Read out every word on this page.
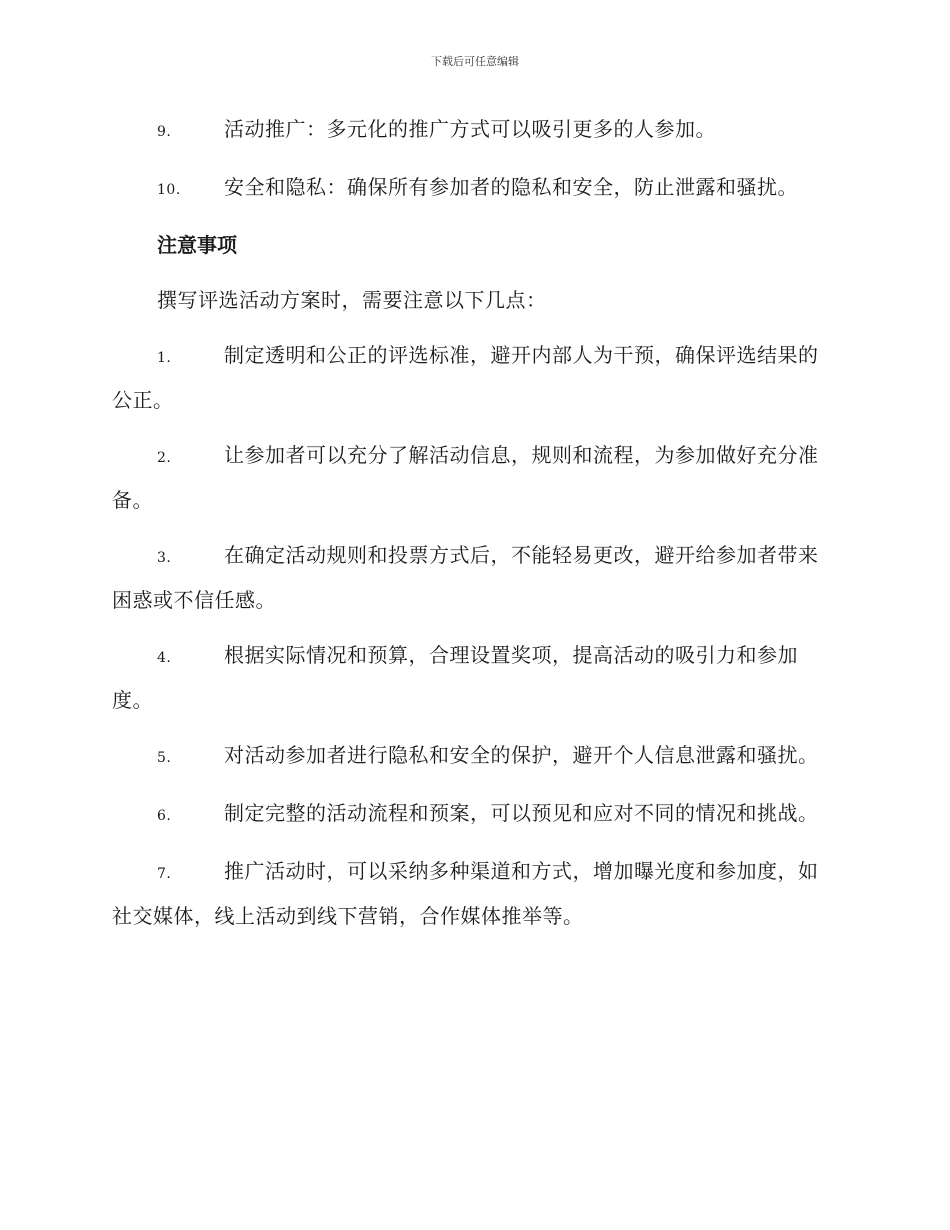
下载后可任意编辑

9.	活动推广：多元化的推广方式可以吸引更多的人参加。

10. 安全和隐私：确保所有参加者的隐私和安全，防止泄露和骚扰。

注意事项

撰写评选活动方案时，需要注意以下几点：

1.	制定透明和公正的评选标准，避开内部人为干预，确保评选结果的公正。

2.	让参加者可以充分了解活动信息，规则和流程，为参加做好充分准备。

3.	在确定活动规则和投票方式后，不能轻易更改，避开给参加者带来困惑或不信任感。

4.	根据实际情况和预算，合理设置奖项，提高活动的吸引力和参加度。

5.	对活动参加者进行隐私和安全的保护，避开个人信息泄露和骚扰。

6.	制定完整的活动流程和预案，可以预见和应对不同的情况和挑战。

7.	推广活动时，可以采纳多种渠道和方式，增加曝光度和参加度，如社交媒体，线上活动到线下营销，合作媒体推举等。
